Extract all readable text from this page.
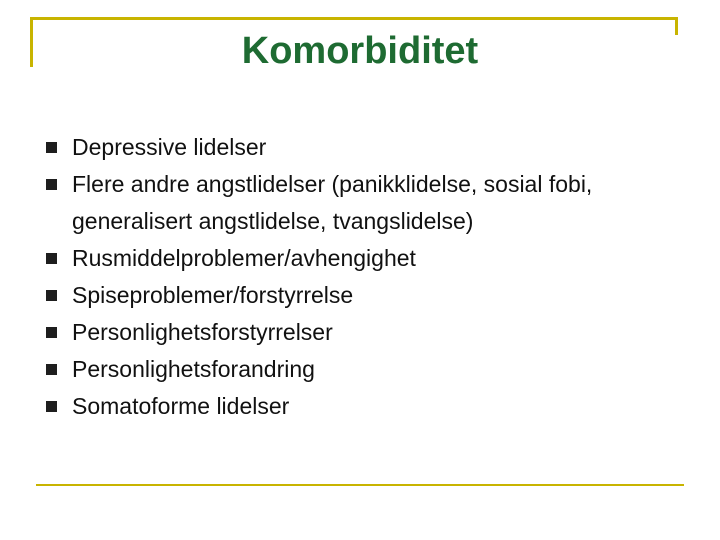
Komorbiditet
Depressive lidelser
Flere andre angstlidelser (panikklidelse, sosial fobi, generalisert angstlidelse, tvangslidelse)
Rusmiddelproblemer/avhengighet
Spiseproblemer/forstyrrelse
Personlighetsforstyrrelser
Personlighetsforandring
Somatoforme lidelser
